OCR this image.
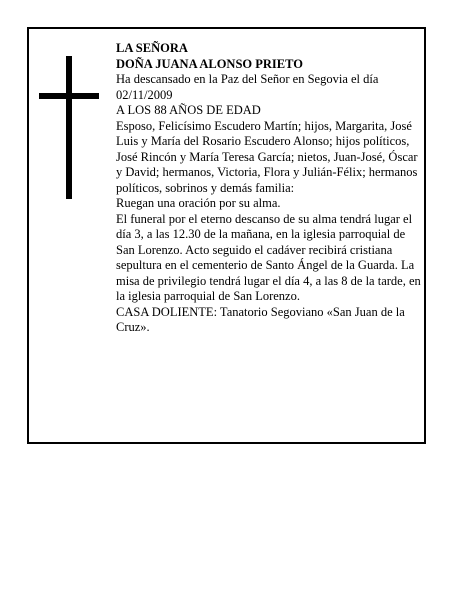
LA SEÑORA

DOÑA JUANA ALONSO PRIETO

Ha descansado en la Paz del Señor en Segovia el día 02/11/2009

A LOS 88 AÑOS DE EDAD

Esposo, Felicísimo Escudero Martín; hijos, Margarita, José Luis y María del Rosario Escudero Alonso; hijos políticos, José Rincón y María Teresa García; nietos, Juan-José, Óscar y David; hermanos, Victoria, Flora y Julián-Félix; hermanos políticos, sobrinos y demás familia:

Ruegan una oración por su alma.

El funeral por el eterno descanso de su alma tendrá lugar el día 3, a las 12.30 de la mañana, en la iglesia parroquial de San Lorenzo. Acto seguido el cadáver recibirá cristiana sepultura en el cementerio de Santo Ángel de la Guarda. La misa de privilegio tendrá lugar el día 4, a las 8 de la tarde, en la iglesia parroquial de San Lorenzo.

CASA DOLIENTE: Tanatorio Segoviano «San Juan de la Cruz».
